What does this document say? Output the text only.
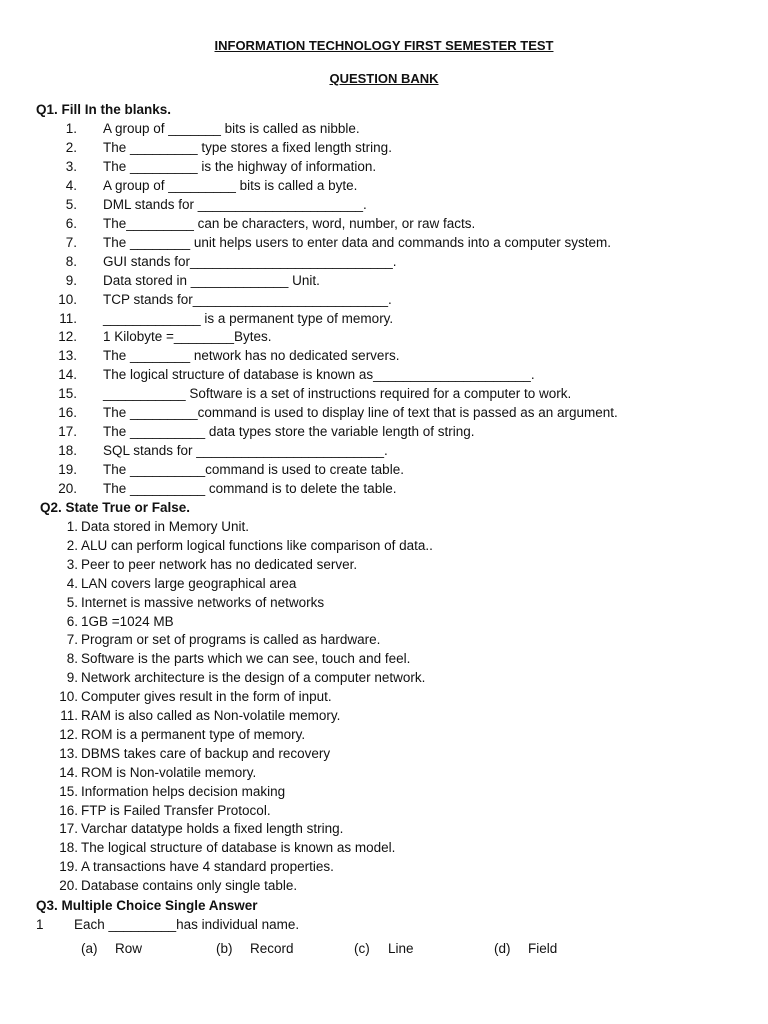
INFORMATION TECHNOLOGY FIRST SEMESTER TEST
QUESTION BANK
Q1. Fill In the blanks.
1. A group of _______ bits is called as nibble.
2. The _________ type stores a fixed length string.
3. The _________ is the highway of information.
4. A group of _________ bits is called a byte.
5. DML stands for ______________________.
6. The_________ can be characters, word, number, or raw facts.
7. The ________ unit helps users to enter data and commands into a computer system.
8. GUI stands for___________________________.
9. Data stored in _____________ Unit.
10. TCP stands for__________________________.
11. _____________ is a permanent type of memory.
12. 1 Kilobyte =________Bytes.
13. The ________ network has no dedicated servers.
14. The logical structure of database is known as_____________________.
15. ___________ Software is a set of instructions required for a computer to work.
16. The _________command is used to display line of text that is passed as an argument.
17. The __________ data types store the variable length of string.
18. SQL stands for _________________________.
19. The __________command is used to create table.
20. The __________ command is to delete the table.
Q2. State True or False.
1. Data stored in Memory Unit.
2. ALU can perform logical functions like comparison of data..
3. Peer to peer network has no dedicated server.
4. LAN covers large geographical area
5. Internet is massive networks of networks
6. 1GB =1024 MB
7. Program or set of programs is called as hardware.
8. Software is the parts which we can see, touch and feel.
9. Network architecture is the design of a computer network.
10. Computer gives result in the form of input.
11. RAM is also called as Non-volatile memory.
12. ROM is a permanent type of memory.
13. DBMS takes care of backup and recovery
14. ROM is Non-volatile memory.
15. Information helps decision making
16. FTP is Failed Transfer Protocol.
17. Varchar datatype holds a fixed length string.
18. The logical structure of database is known as model.
19. A transactions have 4 standard properties.
20. Database contains only single table.
Q3. Multiple Choice Single Answer
1 Each _________has individual name.
(a) Row	(b) Record	(c) Line	(d) Field
